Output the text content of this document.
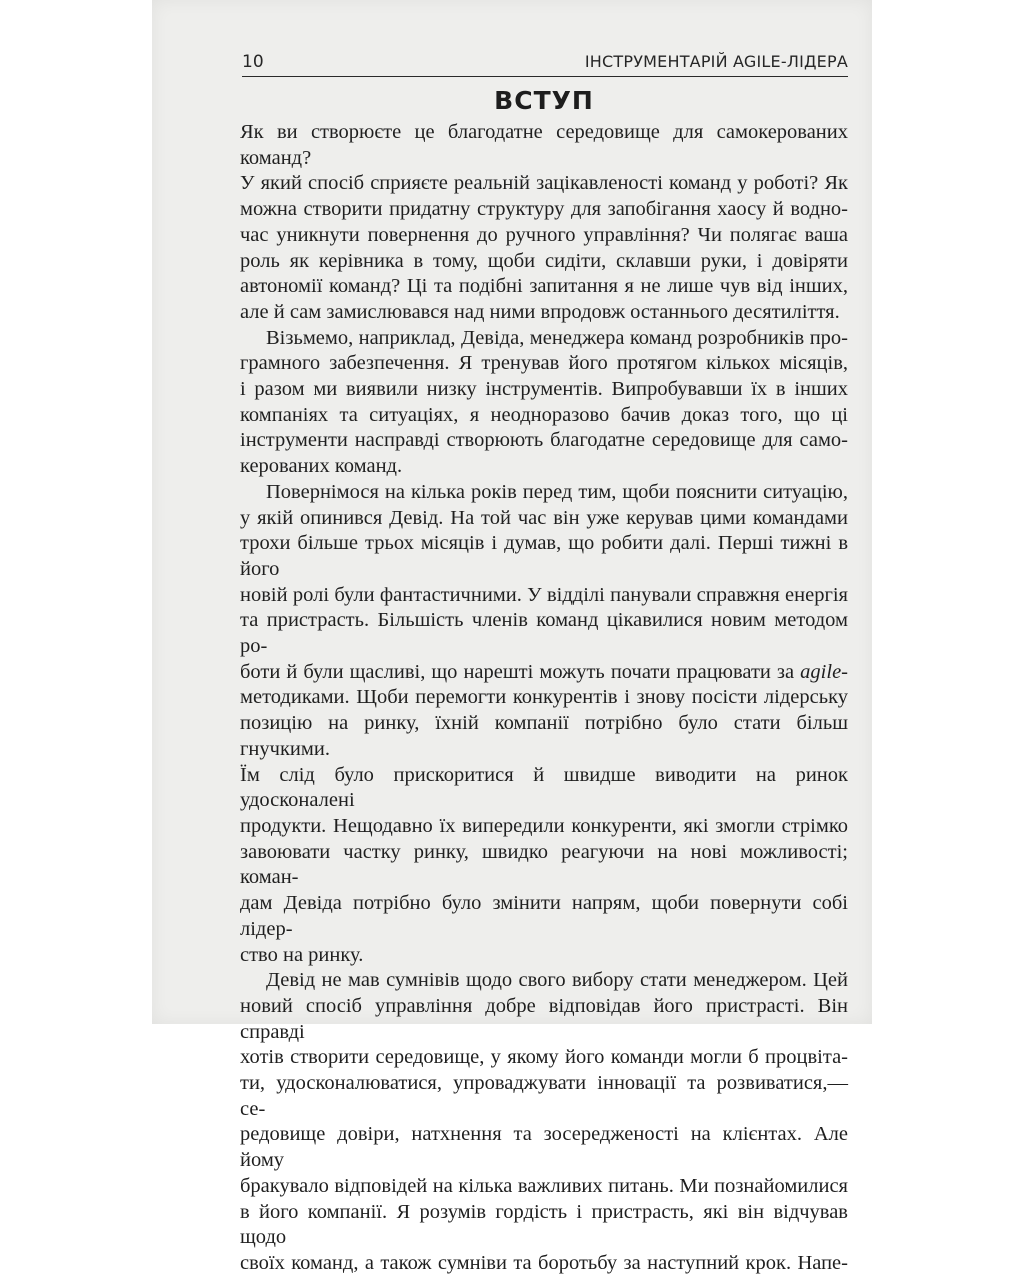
10	ІНСТРУМЕНТАРІЙ AGILE-ЛІДЕРА
ВСТУП

Як ви створюєте це благодатне середовище для самокерованих команд?
У який спосіб сприяєте реальній зацікавленості команд у роботі? Як
можна створити придатну структуру для запобігання хаосу й водно-
час уникнути повернення до ручного управління? Чи полягає ваша
роль як керівника в тому, щоби сидіти, склавши руки, і довіряти
автономії команд? Ці та подібні запитання я не лише чув від інших,
але й сам замислювався над ними впродовж останнього десятиліття.

Візьмемо, наприклад, Девіда, менеджера команд розробників про-
грамного забезпечення. Я тренував його протягом кількох місяців,
і разом ми виявили низку інструментів. Випробувавши їх в інших
компаніях та ситуаціях, я неодноразово бачив доказ того, що ці
інструменти насправді створюють благодатне середовище для само-
керованих команд.

Повернімося на кілька років перед тим, щоби пояснити ситуацію,
у якій опинився Девід. На той час він уже керував цими командами
трохи більше трьох місяців і думав, що робити далі. Перші тижні в його
новій ролі були фантастичними. У відділі панували справжня енергія
та пристрасть. Більшість членів команд цікавилися новим методом ро-
боти й були щасливі, що нарешті можуть почати працювати за agile-
методиками. Щоби перемогти конкурентів і знову посісти лідерську
позицію на ринку, їхній компанії потрібно було стати більш гнучкими.
Їм слід було прискоритися й швидше виводити на ринок удосконалені
продукти. Нещодавно їх випередили конкуренти, які змогли стрімко
завоювати частку ринку, швидко реагуючи на нові можливості; коман-
дам Девіда потрібно було змінити напрям, щоби повернути собі лідер-
ство на ринку.

Девід не мав сумнівів щодо свого вибору стати менеджером. Цей
новий спосіб управління добре відповідав його пристрасті. Він справді
хотів створити середовище, у якому його команди могли б процвіта-
ти, удосконалюватися, упроваджувати інновації та розвиватися,— се-
редовище довіри, натхнення та зосередженості на клієнтах. Але йому
бракувало відповідей на кілька важливих питань. Ми познайомилися
в його компанії. Я розумів гордість і пристрасть, які він відчував щодо
своїх команд, а також сумніви та боротьбу за наступний крок. Напе-
